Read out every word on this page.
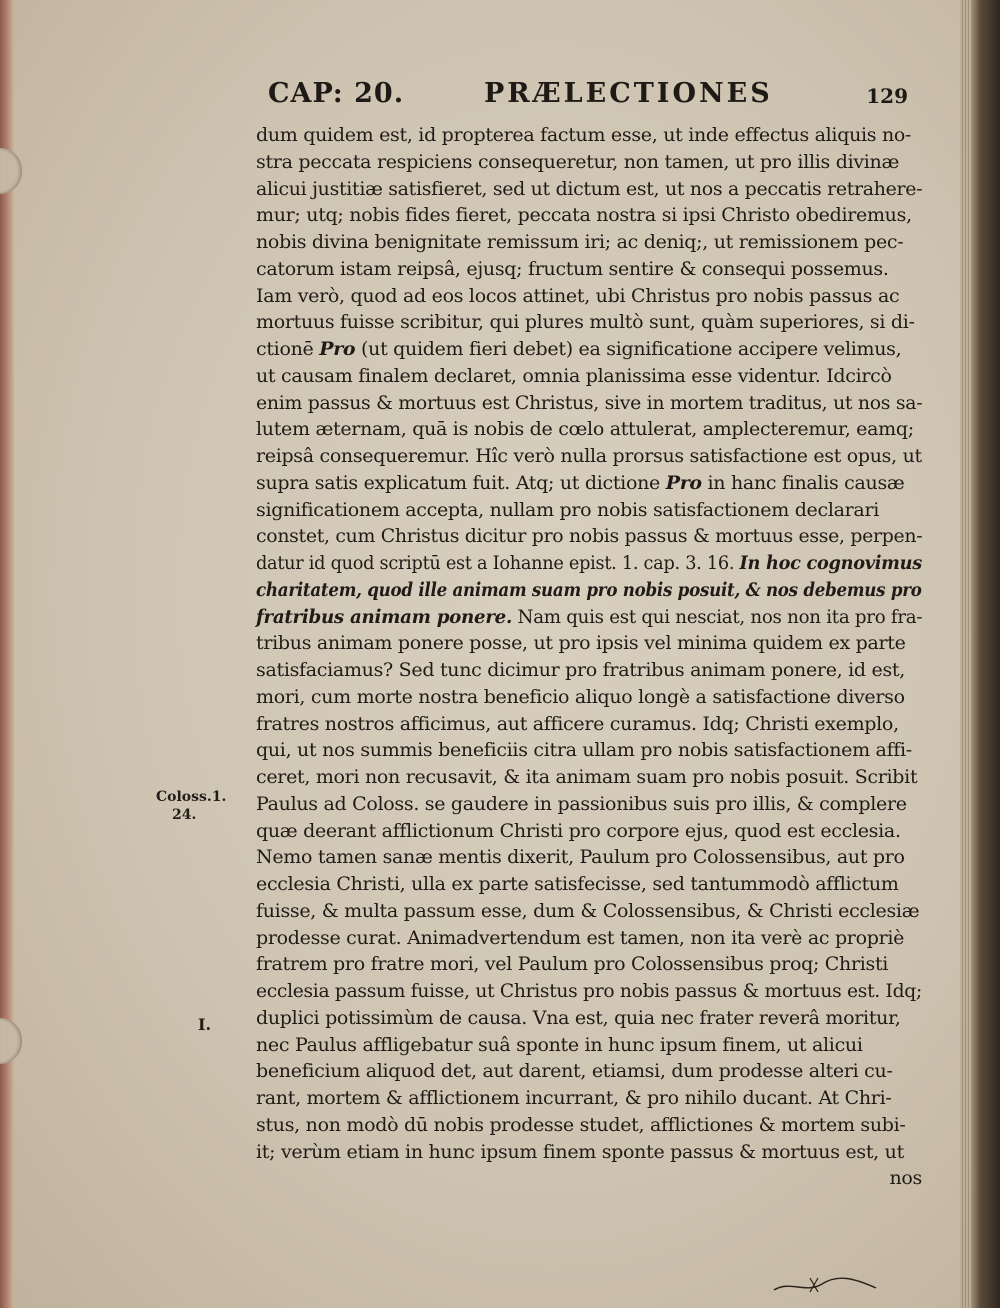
CAP: 20.	PRÆLECTIONES	129
dum quidem est, id propterea factum esse, ut inde effectus aliquis no-
stra peccata respiciens consequeretur, non tamen, ut pro illis divinæ
alicui justitiæ satisfieret, sed ut dictum est, ut nos a peccatis retrahere-
mur; utq; nobis fides fieret, peccata nostra si ipsi Christo obediremus,
nobis divina benignitate remissum iri; ac deniq;, ut remissionem pec-
catorum istam reipsâ, ejusq; fructum sentire & consequi possemus.
Iam verò, quod ad eos locos attinet, ubi Christus pro nobis passus ac
mortuus fuisse scribitur, qui plures multò sunt, quàm superiores, si di-
ctionē Pro (ut quidem fieri debet) ea significatione accipere velimus,
ut causam finalem declaret, omnia planissima esse videntur. Idcircò
enim passus & mortuus est Christus, sive in mortem traditus, ut nos sa-
lutem æternam, quā is nobis de cœlo attulerat, amplecteremur, eamq;
reipsâ consequeremur. Hîc verò nulla prorsus satisfactione est opus, ut
supra satis explicatum fuit. Atq; ut dictione Pro in hanc finalis causæ
significationem accepta, nullam pro nobis satisfactionem declarari
constet, cum Christus dicitur pro nobis passus & mortuus esse, perpen-
datur id quod scriptū est a Iohanne epist. 1. cap. 3. 16. In hoc cognovimus
charitatem, quod ille animam suam pro nobis posuit, & nos debemus pro
fratribus animam ponere. Nam quis est qui nesciat, nos non ita pro fra-
tribus animam ponere posse, ut pro ipsis vel minima quidem ex parte
satisfaciamus? Sed tunc dicimur pro fratribus animam ponere, id est,
mori, cum morte nostra beneficio aliquo longè a satisfactione diverso
fratres nostros afficimus, aut afficere curamus. Idq; Christi exemplo,
qui, ut nos summis beneficiis citra ullam pro nobis satisfactionem affi-
ceret, mori non recusavit, & ita animam suam pro nobis posuit. Scribit
Paulus ad Coloss. se gaudere in passionibus suis pro illis, & complere
quæ deerant afflictionum Christi pro corpore ejus, quod est ecclesia.
Nemo tamen sanæ mentis dixerit, Paulum pro Colossensibus, aut pro
ecclesia Christi, ulla ex parte satisfecisse, sed tantummodò afflictum
fuisse, & multa passum esse, dum & Colossensibus, & Christi ecclesiæ
prodesse curat. Animadvertendum est tamen, non ita verè ac propriè
fratrem pro fratre mori, vel Paulum pro Colossensibus proq; Christi
ecclesia passum fuisse, ut Christus pro nobis passus & mortuus est. Idq;
duplici potissimùm de causa. Vna est, quia nec frater reverâ moritur,
nec Paulus affligebatur suâ sponte in hunc ipsum finem, ut alicui
beneficium aliquod det, aut darent, etiamsi, dum prodesse alteri cu-
rant, mortem & afflictionem incurrant, & pro nihilo ducant. At Chri-
stus, non modò dū nobis prodesse studet, afflictiones & mortem subi-
it; verùm etiam in hunc ipsum finem sponte passus & mortuus est, ut
nos
Coloss.1.
24.
I.
